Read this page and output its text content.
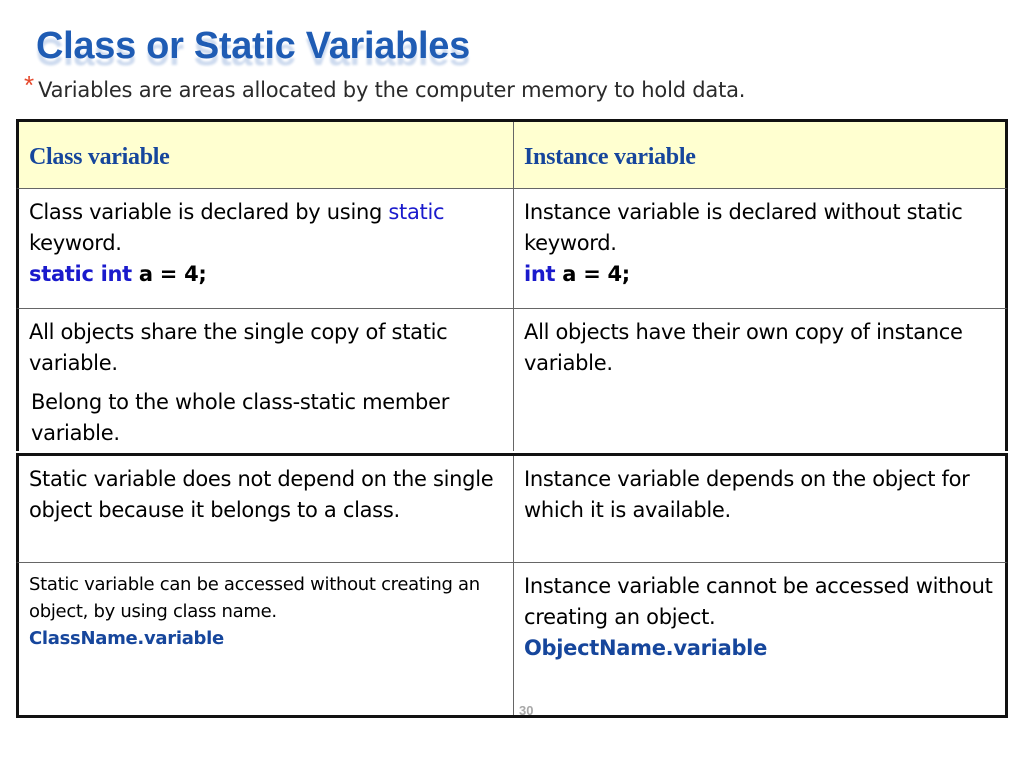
Class or Static Variables
* Variables are areas allocated by the computer memory to hold data.
Class variable	Instance variable
Class variable is declared by using static keyword.
static int a = 4;
Instance variable is declared without static keyword.
int a = 4;
All objects share the single copy of static variable.
Belong to the whole class-static member variable.
All objects have their own copy of instance variable.
Static variable does not depend on the single object because it belongs to a class.
Instance variable depends on the object for which it is available.
Static variable can be accessed without creating an object, by using class name.
ClassName.variable
Instance variable cannot be accessed without creating an object.
ObjectName.variable
30
